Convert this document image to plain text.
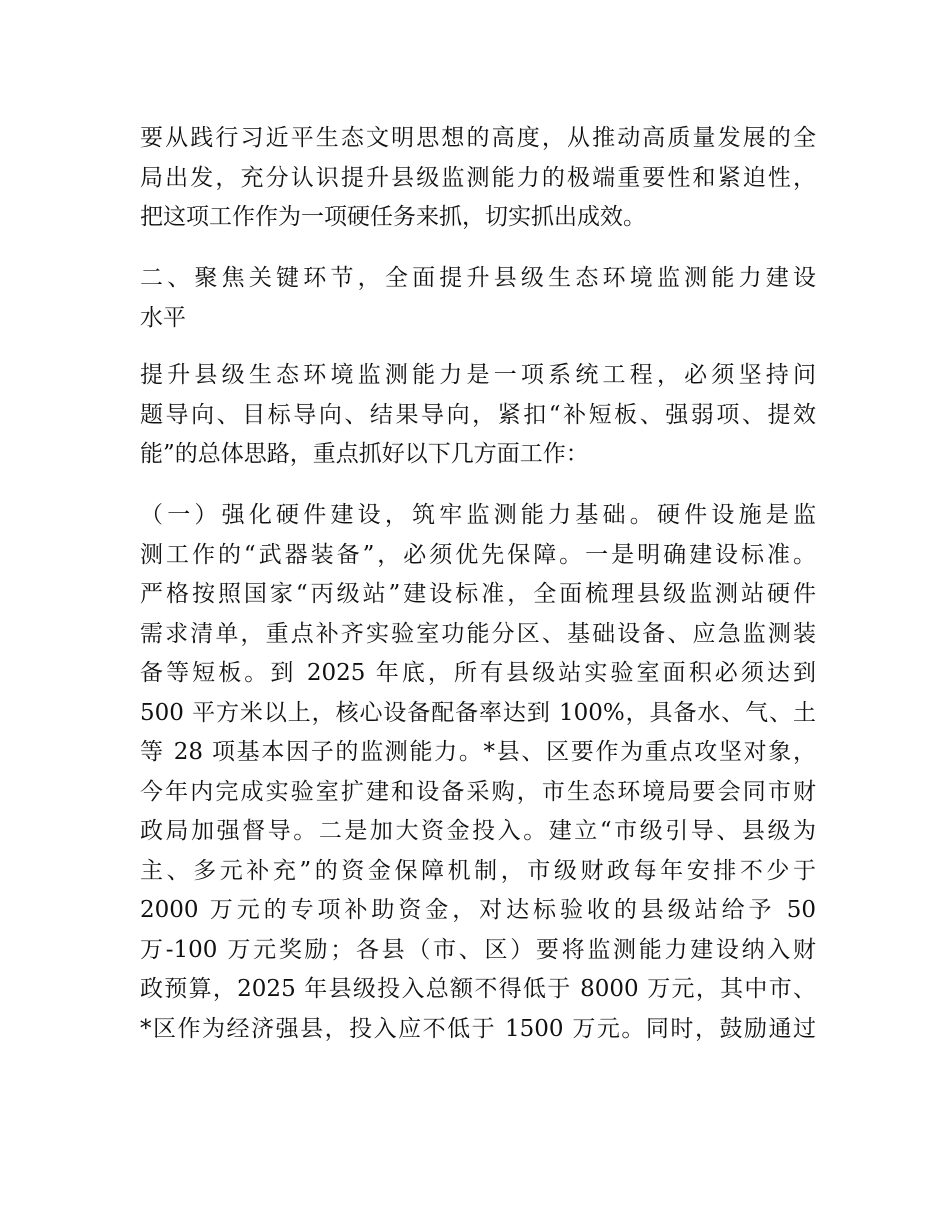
要从践行习近平生态文明思想的高度，从推动高质量发展的全
局出发，充分认识提升县级监测能力的极端重要性和紧迫性，
把这项工作作为一项硬任务来抓，切实抓出成效。
二、聚焦关键环节，全面提升县级生态环境监测能力建设
水平
提升县级生态环境监测能力是一项系统工程，必须坚持问
题导向、目标导向、结果导向，紧扣“补短板、强弱项、提效
能”的总体思路，重点抓好以下几方面工作：
（一）强化硬件建设，筑牢监测能力基础。硬件设施是监
测工作的“武器装备”，必须优先保障。一是明确建设标准。
严格按照国家“丙级站”建设标准，全面梳理县级监测站硬件
需求清单，重点补齐实验室功能分区、基础设备、应急监测装
备等短板。到 2025 年底，所有县级站实验室面积必须达到
500 平方米以上，核心设备配备率达到 100%，具备水、气、土
等 28 项基本因子的监测能力。*县、区要作为重点攻坚对象，
今年内完成实验室扩建和设备采购，市生态环境局要会同市财
政局加强督导。二是加大资金投入。建立“市级引导、县级为
主、多元补充”的资金保障机制，市级财政每年安排不少于
2000 万元的专项补助资金，对达标验收的县级站给予 50
万-100 万元奖励；各县（市、区）要将监测能力建设纳入财
政预算，2025 年县级投入总额不得低于 8000 万元，其中市、
*区作为经济强县，投入应不低于 1500 万元。同时，鼓励通过
